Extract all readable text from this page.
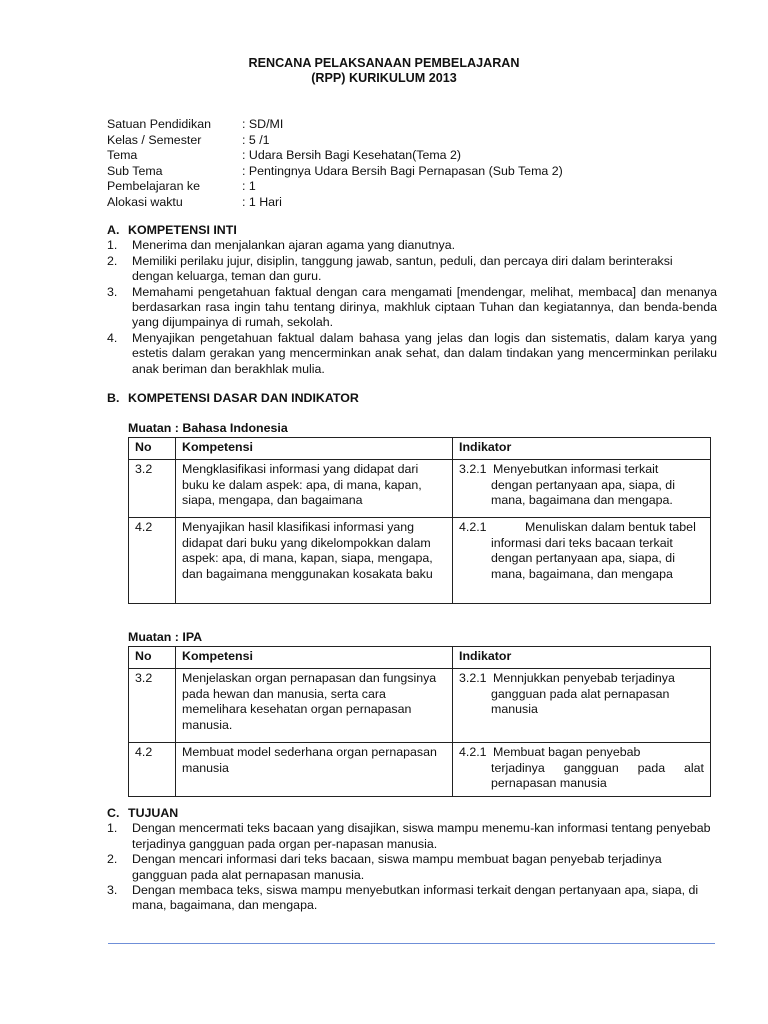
RENCANA PELAKSANAAN PEMBELAJARAN
(RPP) KURIKULUM 2013
Satuan Pendidikan	: SD/MI
Kelas / Semester	: 5 /1
Tema	: Udara Bersih Bagi Kesehatan(Tema 2)
Sub Tema	: Pentingnya Udara Bersih Bagi Pernapasan (Sub Tema 2)
Pembelajaran ke	: 1
Alokasi waktu	: 1 Hari
A. KOMPETENSI INTI
1.	Menerima dan menjalankan ajaran agama yang dianutnya.
2.	Memiliki perilaku jujur, disiplin, tanggung jawab, santun, peduli, dan percaya diri dalam berinteraksi dengan keluarga, teman dan guru.
3.	Memahami pengetahuan faktual dengan cara mengamati [mendengar, melihat, membaca] dan menanya berdasarkan rasa ingin tahu tentang dirinya, makhluk ciptaan Tuhan dan kegiatannya, dan benda-benda yang dijumpainya di rumah, sekolah.
4.	Menyajikan pengetahuan faktual dalam bahasa yang jelas dan logis dan sistematis, dalam karya yang estetis dalam gerakan yang mencerminkan anak sehat, dan dalam tindakan yang mencerminkan perilaku anak beriman dan berakhlak mulia.
B. KOMPETENSI DASAR DAN INDIKATOR
Muatan : Bahasa Indonesia
No	Kompetensi	Indikator
3.2	Mengklasifikasi informasi yang didapat dari buku ke dalam aspek: apa, di mana, kapan, siapa, mengapa, dan bagaimana	3.2.1 Menyebutkan informasi terkait
dengan pertanyaan apa, siapa, di mana, bagaimana dan mengapa.

4.2	Menyajikan hasil klasifikasi informasi yang didapat dari buku yang dikelompokkan dalam aspek: apa, di mana, kapan, siapa, mengapa, dan bagaimana menggunakan kosakata baku	4.2.1 Menuliskan dalam bentuk tabel
informasi dari teks bacaan terkait dengan pertanyaan apa, siapa, di mana, bagaimana, dan mengapa
Muatan : IPA
No	Kompetensi	Indikator
3.2	Menjelaskan organ pernapasan dan fungsinya pada hewan dan manusia, serta cara memelihara kesehatan organ pernapasan manusia.	3.2.1 Mennjukkan penyebab terjadinya
gangguan pada alat pernapasan manusia

4.2	Membuat model sederhana organ pernapasan manusia	4.2.1 Membuat bagan penyebab
terjadinya gangguan pada alat pernapasan manusia
C. TUJUAN
1.	Dengan mencermati teks bacaan yang disajikan, siswa mampu menemu-kan informasi tentang penyebab terjadinya gangguan pada organ per-napasan manusia.
2.	Dengan mencari informasi dari teks bacaan, siswa mampu membuat bagan penyebab terjadinya gangguan pada alat pernapasan manusia.
3.	Dengan membaca teks, siswa mampu menyebutkan informasi terkait dengan pertanyaan apa, siapa, di mana, bagaimana, dan mengapa.
